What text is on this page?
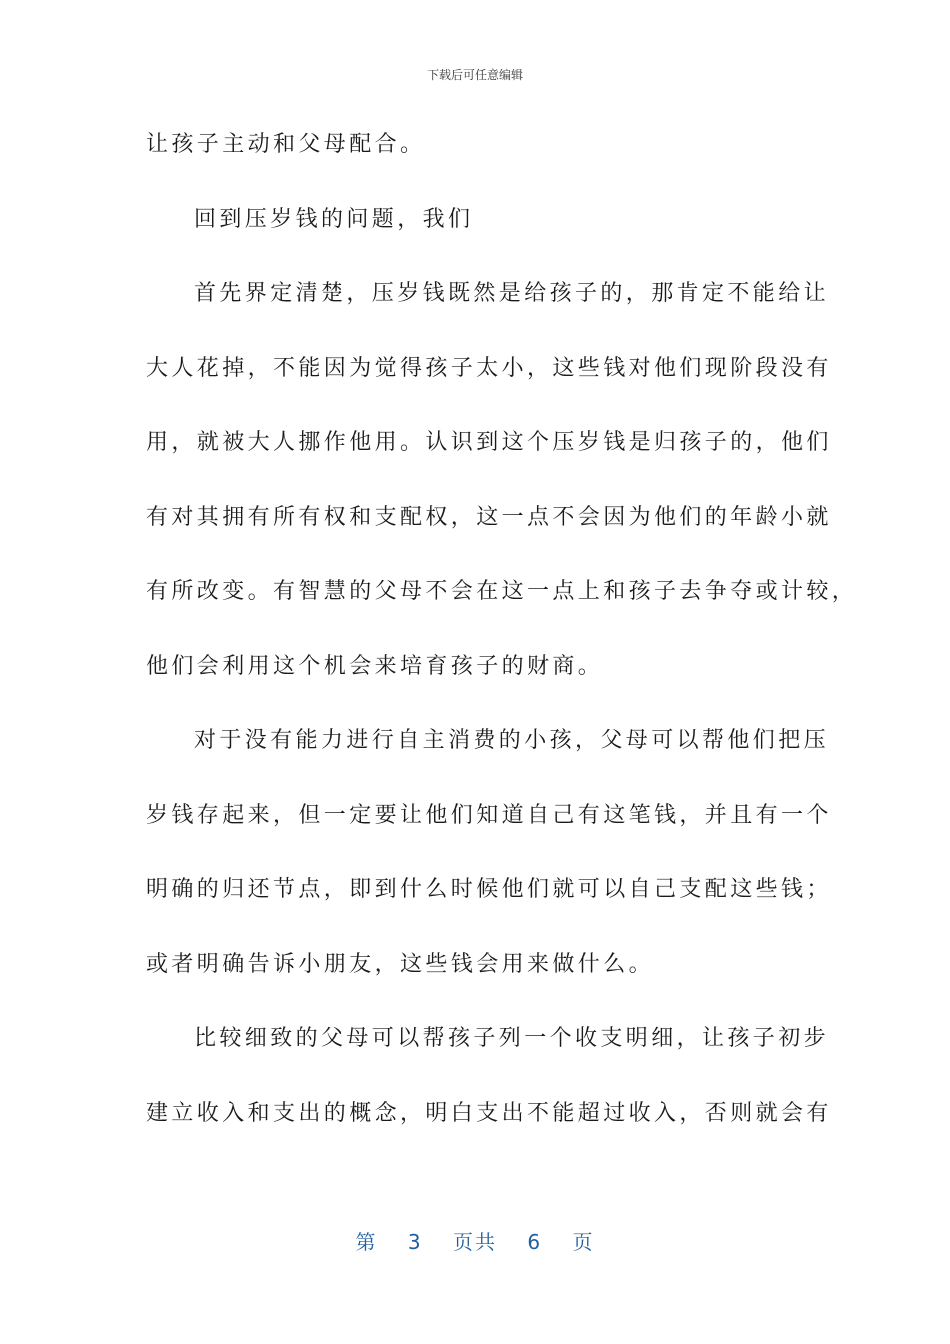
下载后可任意编辑
让孩子主动和父母配合。
回到压岁钱的问题，我们
首先界定清楚，压岁钱既然是给孩子的，那肯定不能给让
大人花掉，不能因为觉得孩子太小，这些钱对他们现阶段没有
用，就被大人挪作他用。认识到这个压岁钱是归孩子的，他们
有对其拥有所有权和支配权，这一点不会因为他们的年龄小就
有所改变。有智慧的父母不会在这一点上和孩子去争夺或计较，
他们会利用这个机会来培育孩子的财商。
对于没有能力进行自主消费的小孩，父母可以帮他们把压
岁钱存起来，但一定要让他们知道自己有这笔钱，并且有一个
明确的归还节点，即到什么时候他们就可以自己支配这些钱；
或者明确告诉小朋友，这些钱会用来做什么。
比较细致的父母可以帮孩子列一个收支明细，让孩子初步
建立收入和支出的概念，明白支出不能超过收入，否则就会有
第 3 页共 6 页
